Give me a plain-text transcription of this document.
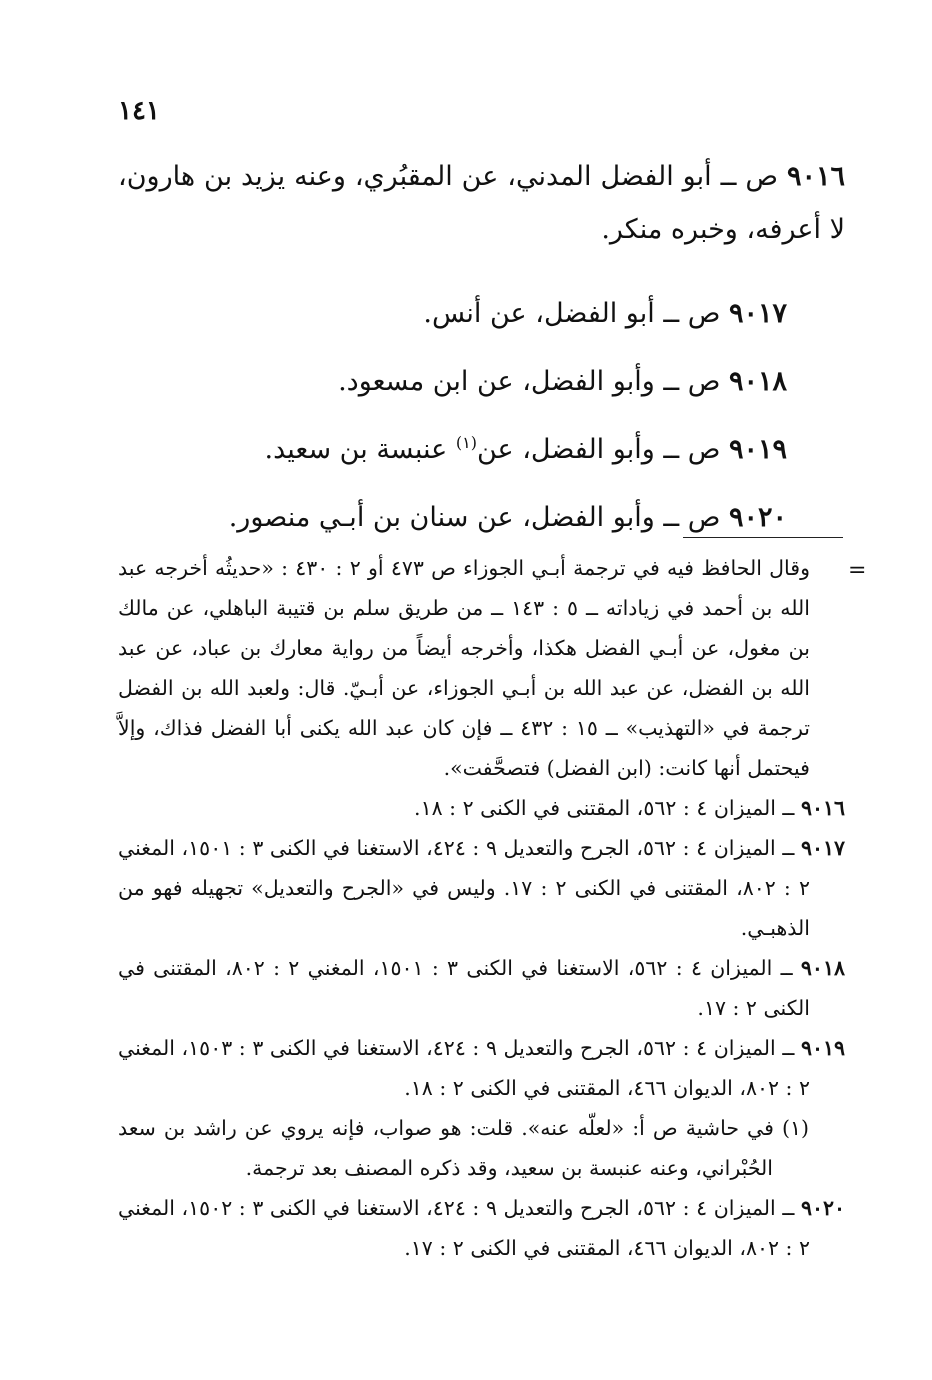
١٤١
٩٠١٦ ص ــ أبو الفضل المدني، عن المقبُري، وعنه يزيد بن هارون، لا أعرفه، وخبره منكر.
٩٠١٧ ص ــ أبو الفضل، عن أنس.
٩٠١٨ ص ــ وأبو الفضل، عن ابن مسعود.
٩٠١٩ ص ــ وأبو الفضل، عن$^{(١)}$ عنبسة بن سعيد.
٩٠٢٠ ص ــ وأبو الفضل، عن سنان بن أبـي منصور.
=

وقال الحافظ فيه في ترجمة أبـي الجوزاء ص ٤٧٣ أو ٢ : ٤٣٠ : «حديثُه أخرجه عبد الله بن أحمد في زياداته ــ ٥ : ١٤٣ ــ من طريق سلم بن قتيبة الباهلي، عن مالك بن مغول، عن أبـي الفضل هكذا، وأخرجه أيضاً من رواية معارك بن عباد، عن عبد الله بن الفضل، عن عبد الله بن أبـي الجوزاء، عن أبـيّ. قال: ولعبد الله بن الفضل ترجمة في «التهذيب» ــ ١٥ : ٤٣٢ ــ فإن كان عبد الله يكنى أبا الفضل فذاك، وإلاَّ فيحتمل أنها كانت: (ابن الفضل) فتصحَّفت».

٩٠١٦ ــ الميزان ٤ : ٥٦٢، المقتنى في الكنى ٢ : ١٨.

٩٠١٧ ــ الميزان ٤ : ٥٦٢، الجرح والتعديل ٩ : ٤٢٤، الاستغنا في الكنى ٣ : ١٥٠١، المغني ٢ : ٨٠٢، المقتنى في الكنى ٢ : ١٧. وليس في «الجرح والتعديل» تجهيله فهو من الذهبـي.

٩٠١٨ ــ الميزان ٤ : ٥٦٢، الاستغنا في الكنى ٣ : ١٥٠١، المغني ٢ : ٨٠٢، المقتنى في الكنى ٢ : ١٧.

٩٠١٩ ــ الميزان ٤ : ٥٦٢، الجرح والتعديل ٩ : ٤٢٤، الاستغنا في الكنى ٣ : ١٥٠٣، المغني ٢ : ٨٠٢، الديوان ٤٦٦، المقتنى في الكنى ٢ : ١٨.

(١) في حاشية ص أ: «لعلّه عنه». قلت: هو صواب، فإنه يروي عن راشد بن سعد الحُبْراني، وعنه عنبسة بن سعيد، وقد ذكره المصنف بعد ترجمة.

٩٠٢٠ ــ الميزان ٤ : ٥٦٢، الجرح والتعديل ٩ : ٤٢٤، الاستغنا في الكنى ٣ : ١٥٠٢، المغني ٢ : ٨٠٢، الديوان ٤٦٦، المقتنى في الكنى ٢ : ١٧.
